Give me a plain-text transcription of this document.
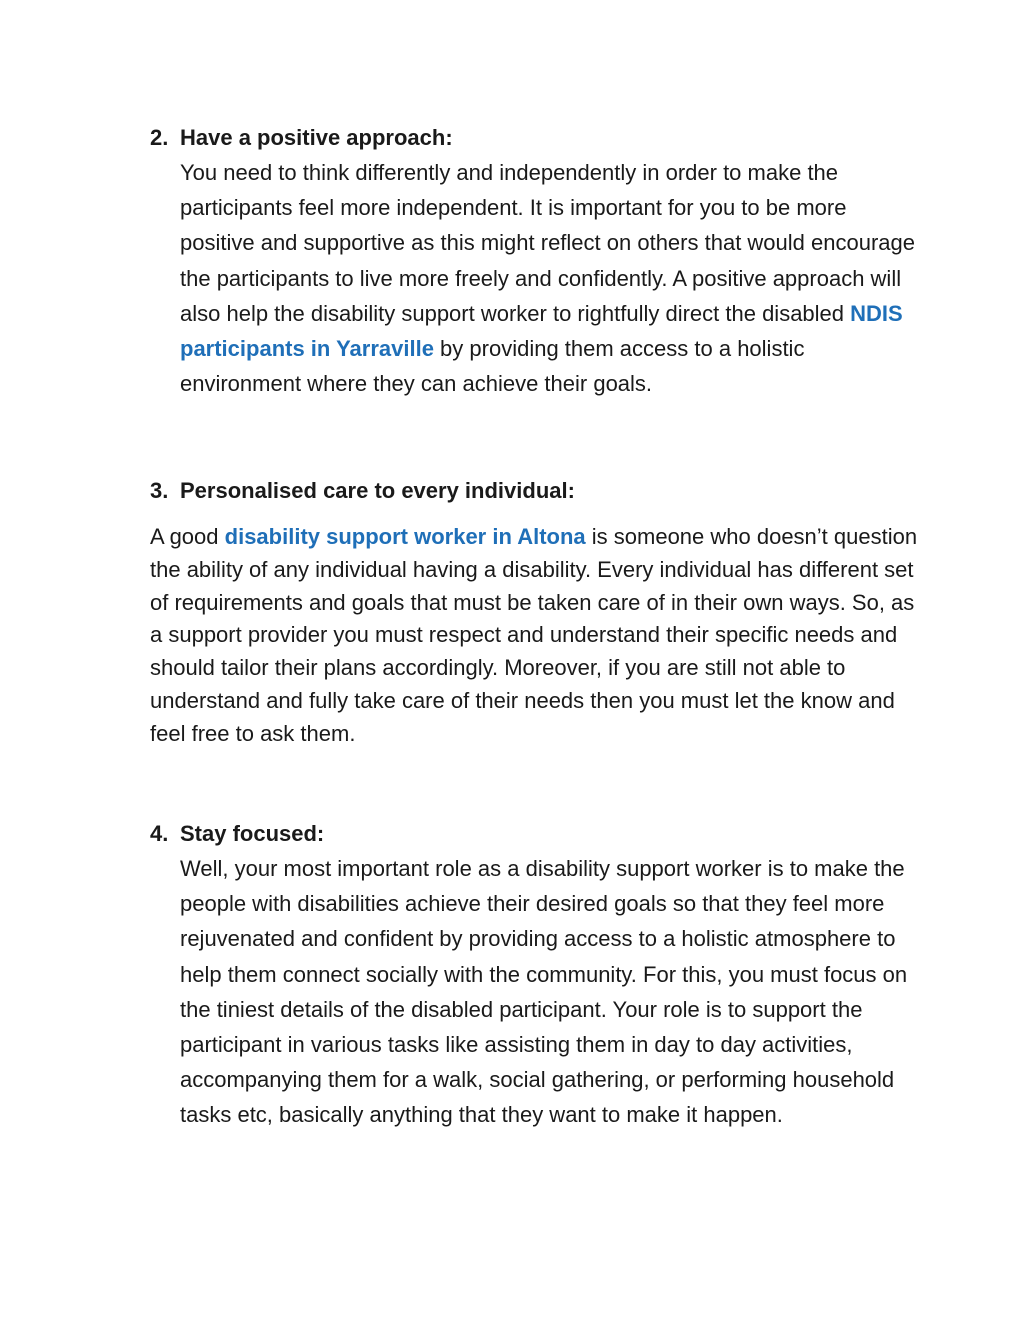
2. Have a positive approach:

You need to think differently and independently in order to make the participants feel more independent. It is important for you to be more positive and supportive as this might reflect on others that would encourage the participants to live more freely and confidently. A positive approach will also help the disability support worker to rightfully direct the disabled NDIS participants in Yarraville by providing them access to a holistic environment where they can achieve their goals.

3. Personalised care to every individual:

A good disability support worker in Altona is someone who doesn’t question the ability of any individual having a disability. Every individual has different set of requirements and goals that must be taken care of in their own ways. So, as a support provider you must respect and understand their specific needs and should tailor their plans accordingly. Moreover, if you are still not able to understand and fully take care of their needs then you must let the know and feel free to ask them.

4. Stay focused:

Well, your most important role as a disability support worker is to make the people with disabilities achieve their desired goals so that they feel more rejuvenated and confident by providing access to a holistic atmosphere to help them connect socially with the community. For this, you must focus on the tiniest details of the disabled participant. Your role is to support the participant in various tasks like assisting them in day to day activities, accompanying them for a walk, social gathering, or performing household tasks etc, basically anything that they want to make it happen.
